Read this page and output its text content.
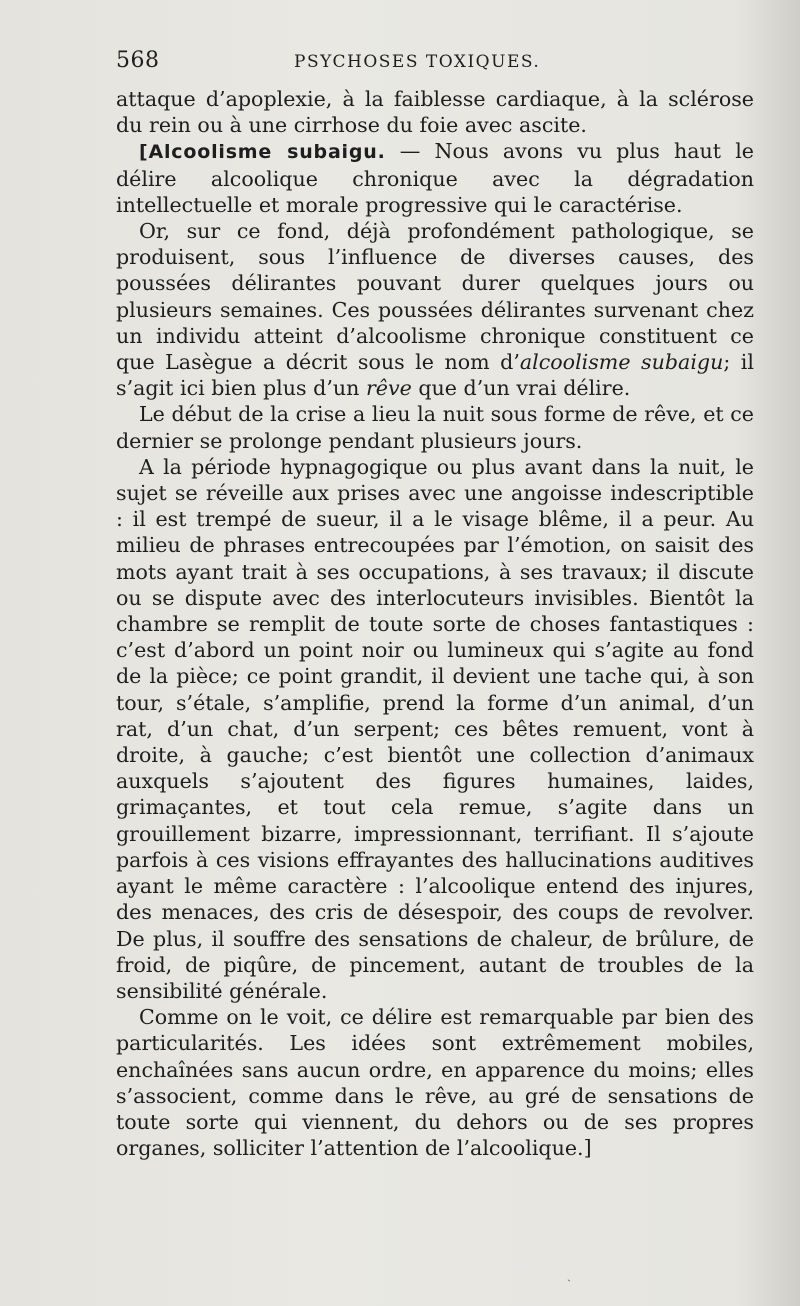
568	PSYCHOSES TOXIQUES.

attaque d’apoplexie, à la faiblesse cardiaque, à la sclérose du rein ou à une cirrhose du foie avec ascite.

[Alcoolisme subaigu. — Nous avons vu plus haut le délire alcoolique chronique avec la dégradation intellectuelle et morale progressive qui le caractérise.

Or, sur ce fond, déjà profondément pathologique, se produisent, sous l’influence de diverses causes, des poussées délirantes pouvant durer quelques jours ou plusieurs semaines. Ces poussées délirantes survenant chez un individu atteint d’alcoolisme chronique constituent ce que Lasègue a décrit sous le nom d’alcoolisme subaigu; il s’agit ici bien plus d’un rêve que d’un vrai délire.

Le début de la crise a lieu la nuit sous forme de rêve, et ce dernier se prolonge pendant plusieurs jours.

A la période hypnagogique ou plus avant dans la nuit, le sujet se réveille aux prises avec une angoisse indescriptible : il est trempé de sueur, il a le visage blême, il a peur. Au milieu de phrases entrecoupées par l’émotion, on saisit des mots ayant trait à ses occupations, à ses travaux; il discute ou se dispute avec des interlocuteurs invisibles. Bientôt la chambre se remplit de toute sorte de choses fantastiques : c’est d’abord un point noir ou lumineux qui s’agite au fond de la pièce; ce point grandit, il devient une tache qui, à son tour, s’étale, s’amplifie, prend la forme d’un animal, d’un rat, d’un chat, d’un serpent; ces bêtes remuent, vont à droite, à gauche; c’est bientôt une collection d’animaux auxquels s’ajoutent des figures humaines, laides, grimaçantes, et tout cela remue, s’agite dans un grouillement bizarre, impressionnant, terrifiant. Il s’ajoute parfois à ces visions effrayantes des hallucinations auditives ayant le même caractère : l’alcoolique entend des injures, des menaces, des cris de désespoir, des coups de revolver. De plus, il souffre des sensations de chaleur, de brûlure, de froid, de piqûre, de pincement, autant de troubles de la sensibilité générale.

Comme on le voit, ce délire est remarquable par bien des particularités. Les idées sont extrêmement mobiles, enchaînées sans aucun ordre, en apparence du moins; elles s’associent, comme dans le rêve, au gré de sensations de toute sorte qui viennent, du dehors ou de ses propres organes, solliciter l’attention de l’alcoolique.]

ˏ
